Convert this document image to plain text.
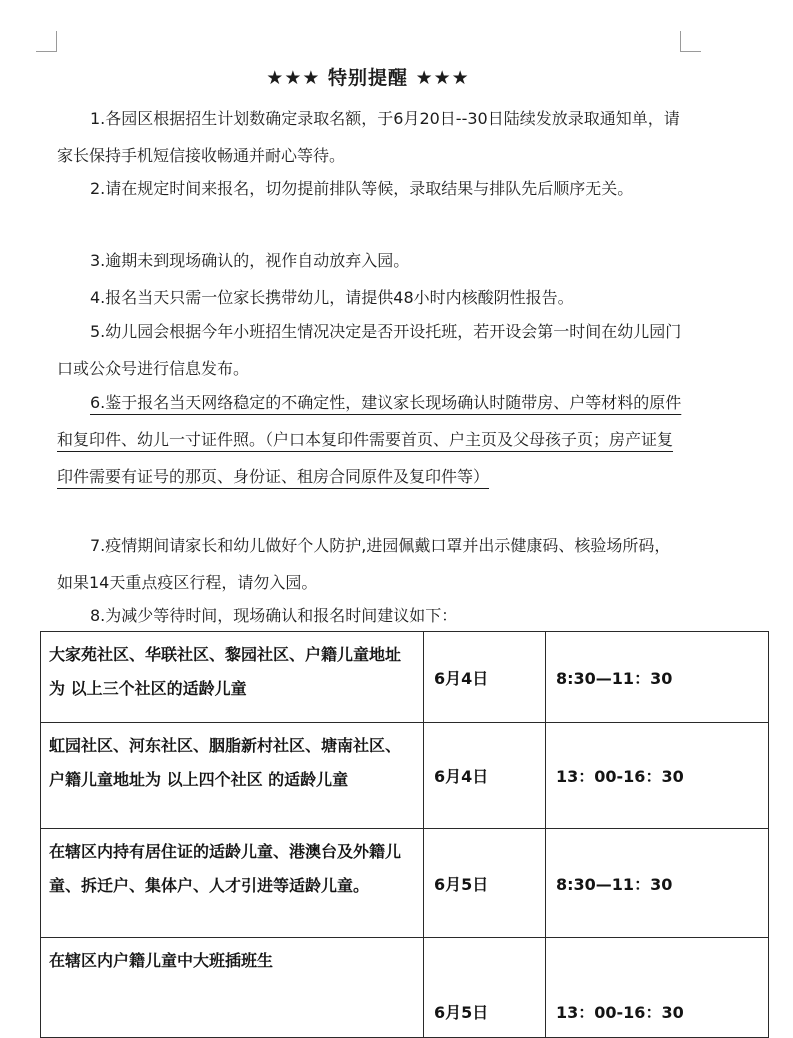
★★★ 特别提醒 ★★★

1.各园区根据招生计划数确定录取名额，于6月20日--30日陆续发放录取通知单，请家长保持手机短信接收畅通并耐心等待。

2.请在规定时间来报名，切勿提前排队等候，录取结果与排队先后顺序无关。

3.逾期未到现场确认的，视作自动放弃入园。

4.报名当天只需一位家长携带幼儿，请提供48小时内核酸阴性报告。

5.幼儿园会根据今年小班招生情况决定是否开设托班，若开设会第一时间在幼儿园门口或公众号进行信息发布。

6.鉴于报名当天网络稳定的不确定性，建议家长现场确认时随带房、户等材料的原件和复印件、幼儿一寸证件照。（户口本复印件需要首页、户主页及父母孩子页；房产证复印件需要有证号的那页、身份证、租房合同原件及复印件等）

7.疫情期间请家长和幼儿做好个人防护,进园佩戴口罩并出示健康码、核验场所码，如果14天重点疫区行程，请勿入园。

8.为减少等待时间，现场确认和报名时间建议如下：

大家苑社区、华联社区、黎园社区、户籍儿童地址为 以上三个社区的适龄儿童	6月4日	8:30—11：30
虹园社区、河东社区、胭脂新村社区、塘南社区、户籍儿童地址为 以上四个社区 的适龄儿童	6月4日	13：00-16：30
在辖区内持有居住证的适龄儿童、港澳台及外籍儿童、拆迁户、集体户、人才引进等适龄儿童。	6月5日	8:30—11：30
在辖区内户籍儿童中大班插班生	6月5日	13：00-16：30
